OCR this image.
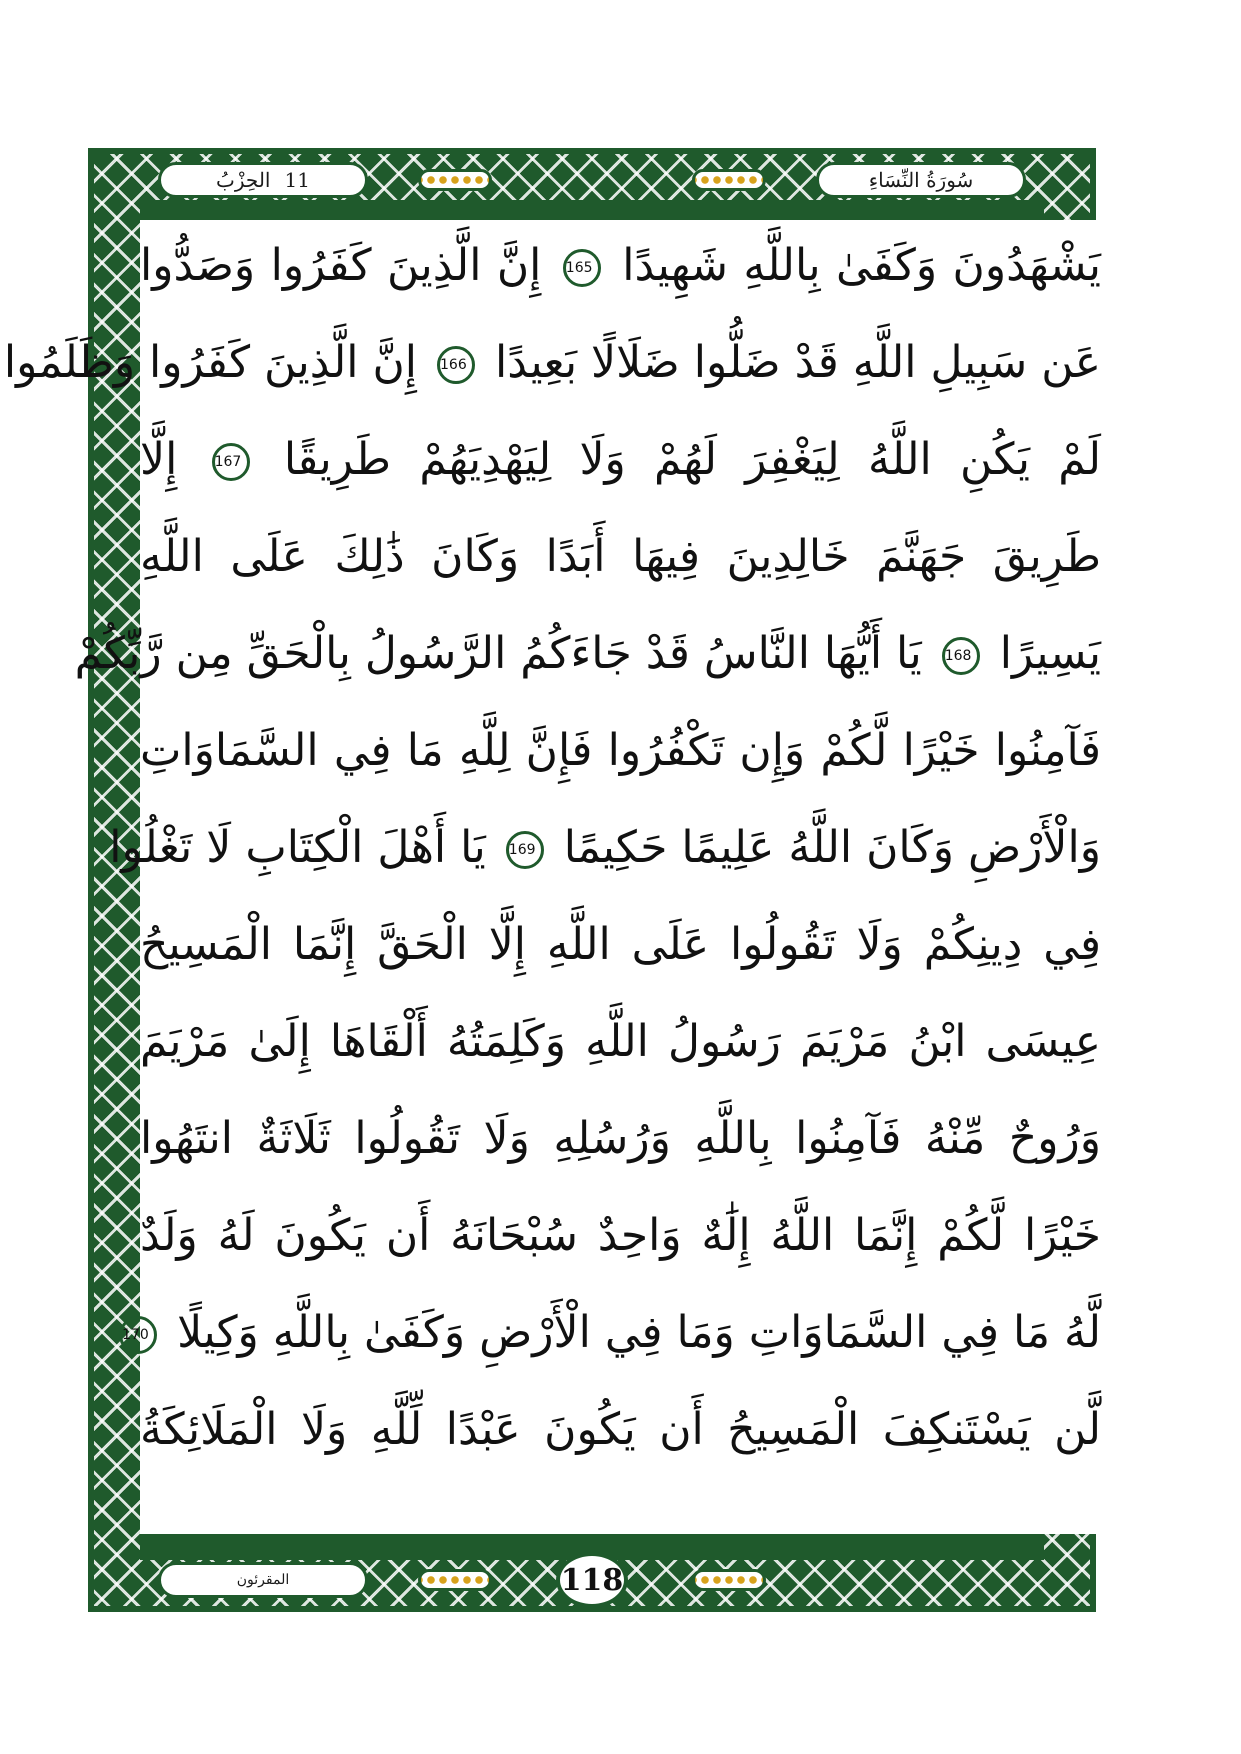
سُورَةُ النِّسَاءِ
الحِزْبُ 11
المقرئون	118
يَشْهَدُونَ وَكَفَىٰ بِاللَّهِ شَهِيدًا 165 إِنَّ الَّذِينَ كَفَرُوا وَصَدُّوا
عَن سَبِيلِ اللَّهِ قَدْ ضَلُّوا ضَلَالًا بَعِيدًا 166 إِنَّ الَّذِينَ كَفَرُوا وَظَلَمُوا
لَمْ يَكُنِ اللَّهُ لِيَغْفِرَ لَهُمْ وَلَا لِيَهْدِيَهُمْ طَرِيقًا 167 إِلَّا
طَرِيقَ جَهَنَّمَ خَالِدِينَ فِيهَا أَبَدًا وَكَانَ ذَٰلِكَ عَلَى اللَّهِ
يَسِيرًا 168 يَا أَيُّهَا النَّاسُ قَدْ جَاءَكُمُ الرَّسُولُ بِالْحَقِّ مِن رَّبِّكُمْ
فَآمِنُوا خَيْرًا لَّكُمْ وَإِن تَكْفُرُوا فَإِنَّ لِلَّهِ مَا فِي السَّمَاوَاتِ
وَالْأَرْضِ وَكَانَ اللَّهُ عَلِيمًا حَكِيمًا 169 يَا أَهْلَ الْكِتَابِ لَا تَغْلُوا
فِي دِينِكُمْ وَلَا تَقُولُوا عَلَى اللَّهِ إِلَّا الْحَقَّ إِنَّمَا الْمَسِيحُ
عِيسَى ابْنُ مَرْيَمَ رَسُولُ اللَّهِ وَكَلِمَتُهُ أَلْقَاهَا إِلَىٰ مَرْيَمَ
وَرُوحٌ مِّنْهُ فَآمِنُوا بِاللَّهِ وَرُسُلِهِ وَلَا تَقُولُوا ثَلَاثَةٌ انتَهُوا
خَيْرًا لَّكُمْ إِنَّمَا اللَّهُ إِلَٰهٌ وَاحِدٌ سُبْحَانَهُ أَن يَكُونَ لَهُ وَلَدٌ
لَّهُ مَا فِي السَّمَاوَاتِ وَمَا فِي الْأَرْضِ وَكَفَىٰ بِاللَّهِ وَكِيلًا 170
لَّن يَسْتَنكِفَ الْمَسِيحُ أَن يَكُونَ عَبْدًا لِّلَّهِ وَلَا الْمَلَائِكَةُ
